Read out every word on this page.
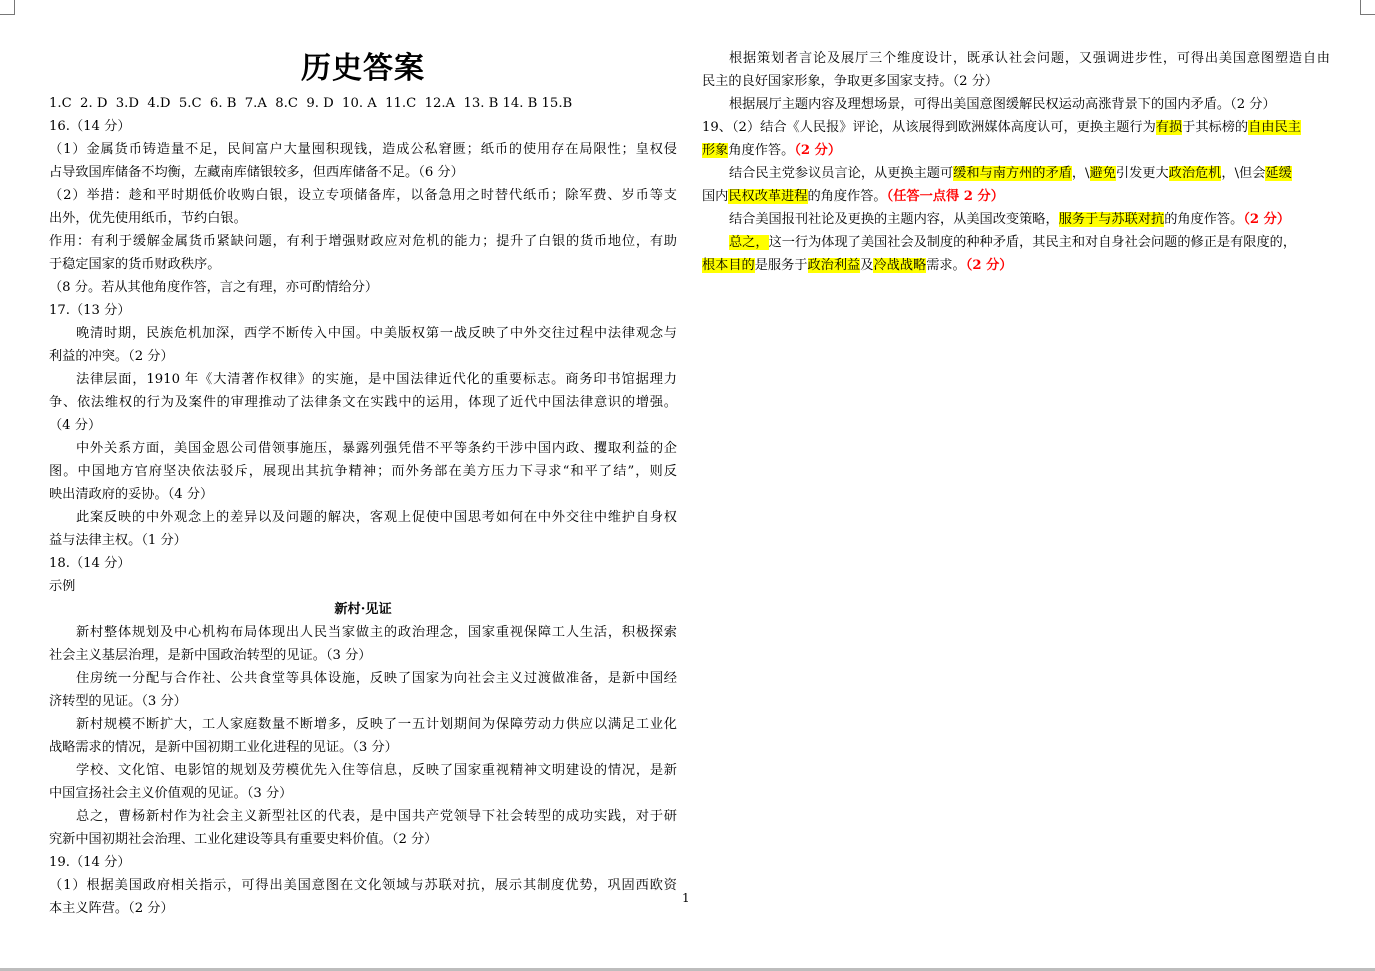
历史答案
1.C  2. D  3.D  4.D  5.C  6. B  7.A  8.C  9. D  10. A  11.C  12.A  13. B 14. B 15.B
16.（14 分）
（1）金属货币铸造量不足，民间富户大量囤积现钱，造成公私窘匮；纸币的使用存在局限性；皇权侵
占导致国库储备不均衡，左藏南库储银较多，但西库储备不足。（6 分）
（2）举措：趁和平时期低价收购白银，设立专项储备库，以备急用之时替代纸币；除军费、岁币等支
出外，优先使用纸币，节约白银。
作用：有利于缓解金属货币紧缺问题，有利于增强财政应对危机的能力；提升了白银的货币地位，有助
于稳定国家的货币财政秩序。
（8 分。若从其他角度作答，言之有理，亦可酌情给分）
17.（13 分）
晚清时期，民族危机加深，西学不断传入中国。中美版权第一战反映了中外交往过程中法律观念与
利益的冲突。（2 分）
法律层面，1910 年《大清著作权律》的实施，是中国法律近代化的重要标志。商务印书馆据理力
争、依法维权的行为及案件的审理推动了法律条文在实践中的运用，体现了近代中国法律意识的增强。
（4 分）
中外关系方面，美国金恩公司借领事施压，暴露列强凭借不平等条约干涉中国内政、攫取利益的企
图。中国地方官府坚决依法驳斥，展现出其抗争精神；而外务部在美方压力下寻求“和平了结”，则反
映出清政府的妥协。（4 分）
此案反映的中外观念上的差异以及问题的解决，客观上促使中国思考如何在中外交往中维护自身权
益与法律主权。（1 分）
18.（14 分）
示例
新村·见证
新村整体规划及中心机构布局体现出人民当家做主的政治理念，国家重视保障工人生活，积极探索
社会主义基层治理，是新中国政治转型的见证。（3 分）
住房统一分配与合作社、公共食堂等具体设施，反映了国家为向社会主义过渡做准备，是新中国经
济转型的见证。（3 分）
新村规模不断扩大，工人家庭数量不断增多，反映了一五计划期间为保障劳动力供应以满足工业化
战略需求的情况，是新中国初期工业化进程的见证。（3 分）
学校、文化馆、电影馆的规划及劳模优先入住等信息，反映了国家重视精神文明建设的情况，是新
中国宣扬社会主义价值观的见证。（3 分）
总之，曹杨新村作为社会主义新型社区的代表，是中国共产党领导下社会转型的成功实践，对于研
究新中国初期社会治理、工业化建设等具有重要史料价值。（2 分）
19.（14 分）
（1）根据美国政府相关指示，可得出美国意图在文化领域与苏联对抗，展示其制度优势，巩固西欧资
本主义阵营。（2 分）
根据策划者言论及展厅三个维度设计，既承认社会问题，又强调进步性，可得出美国意图塑造自由
民主的良好国家形象，争取更多国家支持。（2 分）
根据展厅主题内容及理想场景，可得出美国意图缓解民权运动高涨背景下的国内矛盾。（2 分）
19、（2）结合《人民报》评论，从该展得到欧洲媒体高度认可，更换主题行为有损于其标榜的自由民主
形象角度作答。（2 分）
结合民主党参议员言论，从更换主题可缓和与南方州的矛盾，\避免引发更大政治危机，\但会延缓
国内民权改革进程的角度作答。（任答一点得 2 分）
结合美国报刊社论及更换的主题内容，从美国改变策略，服务于与苏联对抗的角度作答。（2 分）
总之，这一行为体现了美国社会及制度的种种矛盾，其民主和对自身社会问题的修正是有限度的，
根本目的是服务于政治利益及冷战战略需求。（2 分）
1
